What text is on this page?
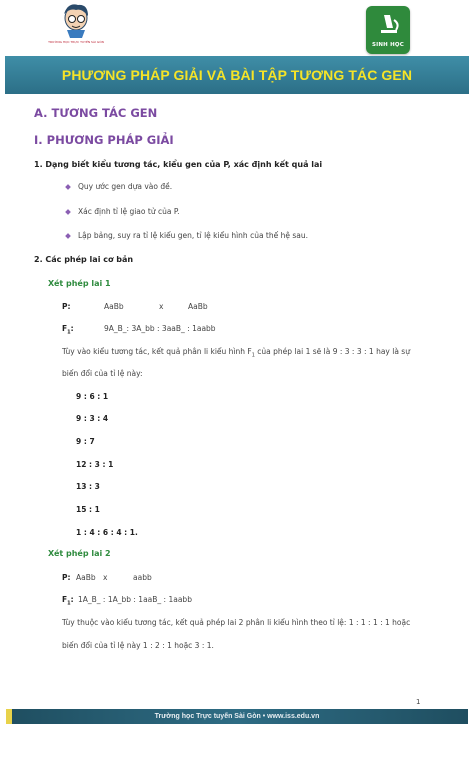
TRƯỜNG HỌC TRỰC TUYẾN SÀI GÒN	SINH HỌC
PHƯƠNG PHÁP GIẢI VÀ BÀI TẬP TƯƠNG TÁC GEN
A. TƯƠNG TÁC GEN
I. PHƯƠNG PHÁP GIẢI
1. Dạng biết kiểu tương tác, kiểu gen của P, xác định kết quả lai
Quy ước gen dựa vào đề.
Xác định tỉ lệ giao tử của P.
Lập bảng, suy ra tỉ lệ kiểu gen, tỉ lệ kiểu hình của thế hệ sau.
2. Các phép lai cơ bản
Xét phép lai 1
P:	AaBb	x	AaBb
$F_1$:	9A_B_: 3A_bb : 3aaB_ : 1aabb
Tùy vào kiểu tương tác, kết quả phân li kiểu hình $F_1$ của phép lai 1 sẽ là 9 : 3 : 3 : 1 hay là sự
biến đổi của tỉ lệ này:
9 : 6 : 1
9 : 3 : 4
9 : 7
12 : 3 : 1
13 : 3
15 : 1
1 : 4 : 6 : 4 : 1.
Xét phép lai 2
P: AaBb x	aabb
$F_1$: 1A_B_ : 1A_bb : 1aaB_ : 1aabb
Tùy thuộc vào kiểu tương tác, kết quả phép lai 2 phân li kiểu hình theo tỉ lệ: 1 : 1 : 1 : 1 hoặc
biến đổi của tỉ lệ này 1 : 2 : 1 hoặc 3 : 1.
1
Trường học Trực tuyến Sài Gòn • www.iss.edu.vn
